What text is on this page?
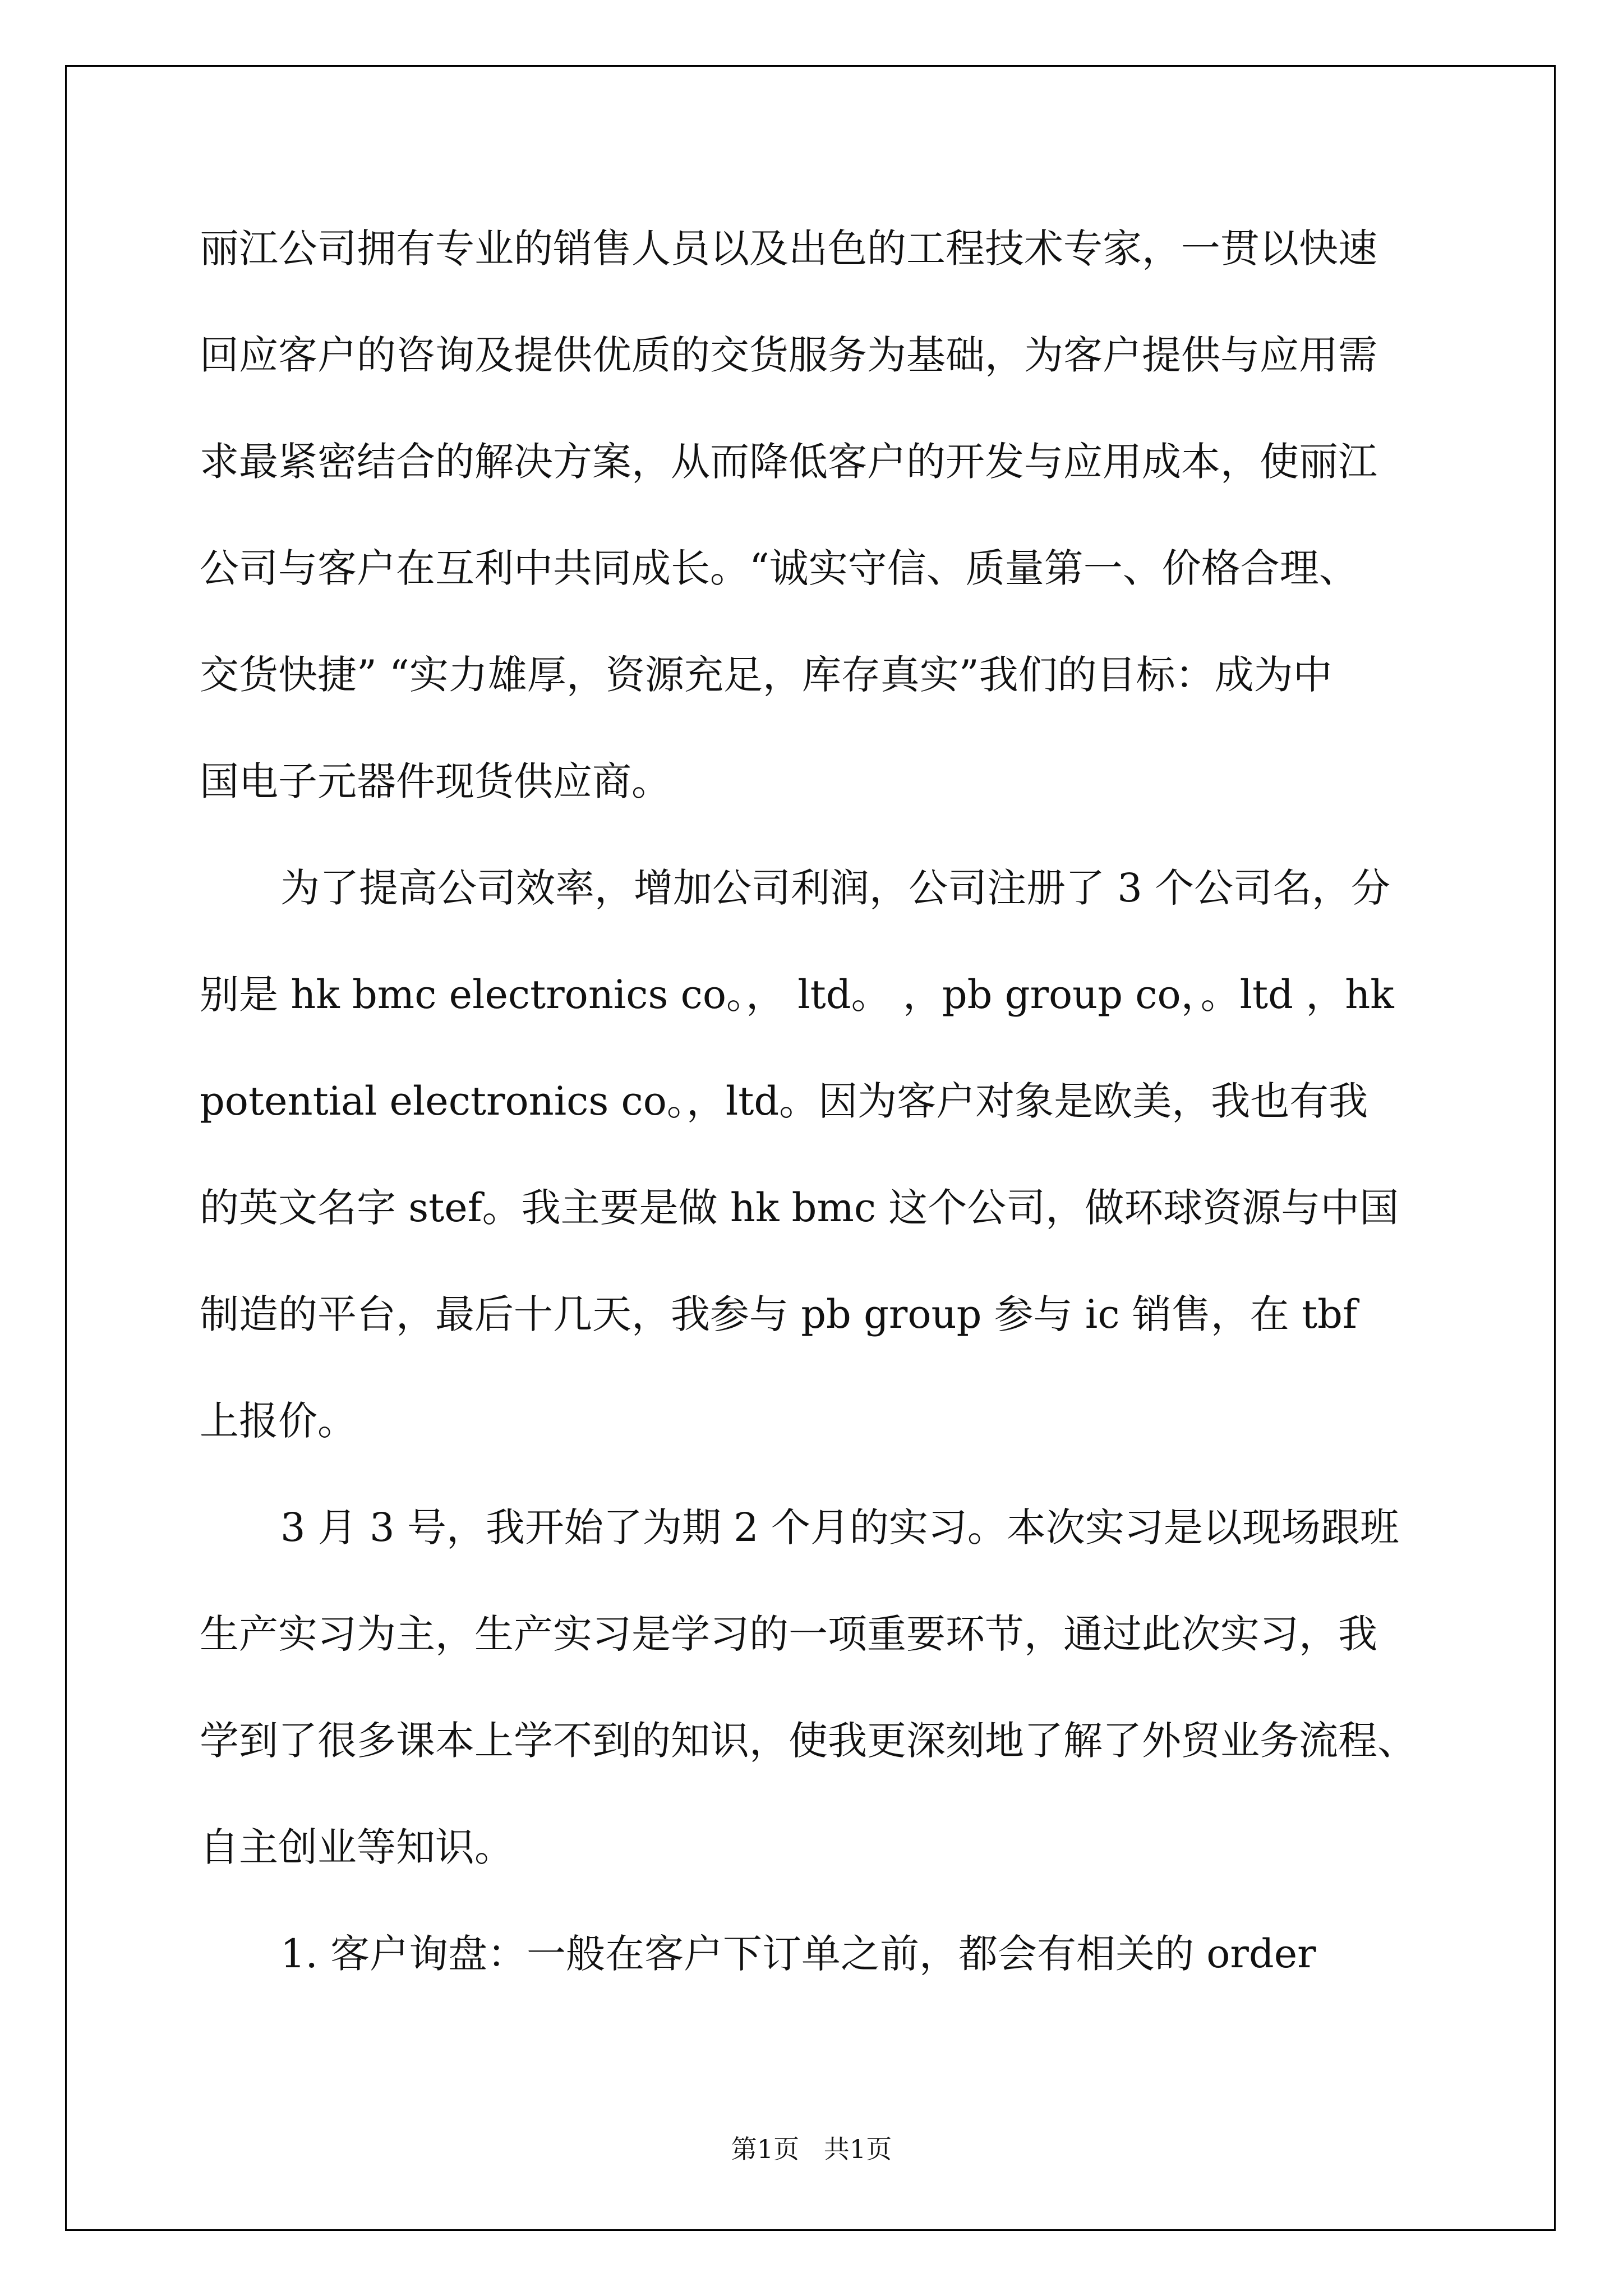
丽江公司拥有专业的销售人员以及出色的工程技术专家，一贯以快速

回应客户的咨询及提供优质的交货服务为基础，为客户提供与应用需

求最紧密结合的解决方案，从而降低客户的开发与应用成本，使丽江

公司与客户在互利中共同成长。“诚实守信、质量第一、价格合理、

交货快捷” “实力雄厚，资源充足，库存真实”我们的目标：成为中

国电子元器件现货供应商。

为了提高公司效率，增加公司利润，公司注册了 3 个公司名，分

别是 hk bmc electronics co。， ltd。 ，pb group co，。ltd ，hk

potential electronics co。，ltd。因为客户对象是欧美，我也有我

的英文名字 stef。我主要是做 hk bmc 这个公司，做环球资源与中国

制造的平台，最后十几天，我参与 pb group 参与 ic 销售，在 tbf

上报价。

3 月 3 号，我开始了为期 2 个月的实习。本次实习是以现场跟班

生产实习为主，生产实习是学习的一项重要环节，通过此次实习，我

学到了很多课本上学不到的知识，使我更深刻地了解了外贸业务流程、

自主创业等知识。

1. 客户询盘：一般在客户下订单之前，都会有相关的 order

第1页   共1页
